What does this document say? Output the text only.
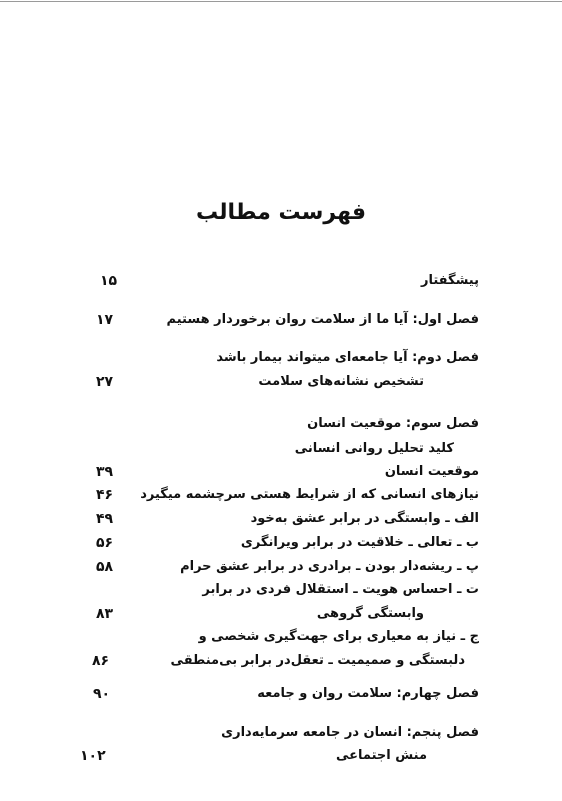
فهرست مطالب
پیشگفتار
۱۵
فصل اول: آیا ما از سلامت روان برخوردار هستیم
۱۷
فصل دوم: آیا جامعه‌ای میتواند بیمار باشد
تشخیص نشانه‌های سلامت
۲۷
فصل سوم: موقعیت انسان
کلید تحلیل روانی انسانی
موقعیت انسان
۳۹
نیازهای انسانی که از شرایط هستی سرچشمه میگیرد
۴۶
الف ـ وابستگی در برابر عشق به‌خود
۴۹
ب ـ تعالی ـ خلاقیت در برابر ویرانگری
۵۶
پ ـ ریشه‌دار بودن ـ برادری در برابر عشق حرام
۵۸
ت ـ احساس هویت ـ استقلال فردی در برابر
وابستگی گروهی
۸۳
ج ـ نیاز به معیاری برای جهت‌گیری شخصی و
دلبستگی و صمیمیت ـ تعقل‌در برابر بی‌منطقی
۸۶
فصل چهارم: سلامت روان و جامعه
۹۰
فصل پنجم: انسان در جامعه سرمایه‌داری
منش اجتماعی
۱۰۲
